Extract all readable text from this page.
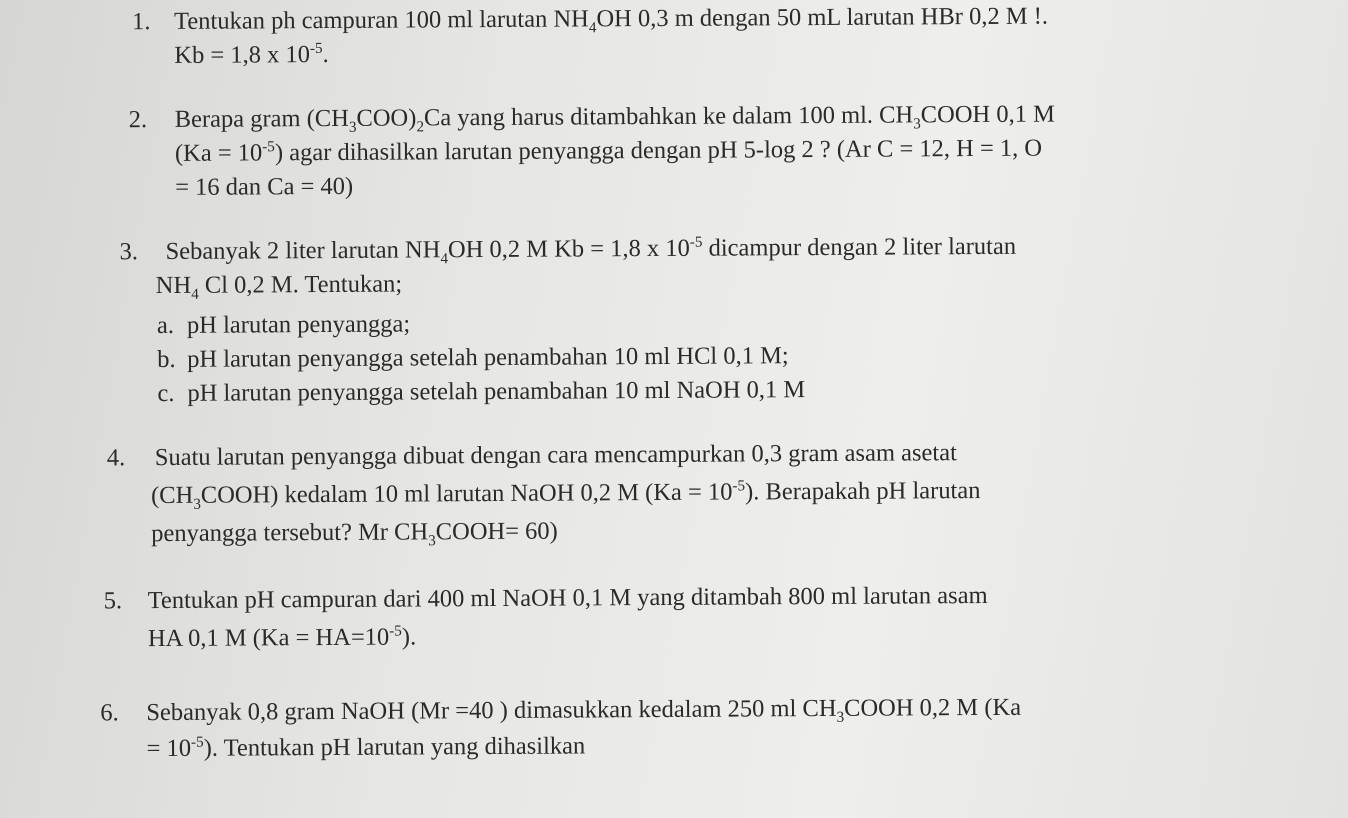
1. Tentukan ph campuran 100 ml larutan $NH_4OH$ 0,3 m dengan 50 mL larutan HBr 0,2 M !.
Kb = 1,8 x $10^{-5}$.
2. Berapa gram $(CH_3COO)_2Ca$ yang harus ditambahkan ke dalam 100 ml. $CH_3COOH$ 0,1 M
$(Ka = 10^{-5})$ agar dihasilkan larutan penyangga dengan pH 5-log 2 ? (Ar C = 12, H = 1, O
= 16 dan Ca = 40)
3. Sebanyak 2 liter larutan $NH_4OH$ 0,2 M Kb = 1,8 x $10^{-5}$ dicampur dengan 2 liter larutan
$NH_4$ Cl 0,2 M. Tentukan;
a. pH larutan penyangga;
b. pH larutan penyangga setelah penambahan 10 ml HCl 0,1 M;
c. pH larutan penyangga setelah penambahan 10 ml NaOH 0,1 M
4. Suatu larutan penyangga dibuat dengan cara mencampurkan 0,3 gram asam asetat
$(CH_3COOH)$ kedalam 10 ml larutan NaOH 0,2 M $(Ka = 10^{-5})$. Berapakah pH larutan
penyangga tersebut? Mr $CH_3COOH= 60$)
5. Tentukan pH campuran dari 400 ml NaOH 0,1 M yang ditambah 800 ml larutan asam
HA 0,1 M $(Ka = HA=10^{-5})$.
6. Sebanyak 0,8 gram NaOH (Mr =40 ) dimasukkan kedalam 250 ml $CH_3COOH$ 0,2 M (Ka
= $10^{-5}$). Tentukan pH larutan yang dihasilkan
